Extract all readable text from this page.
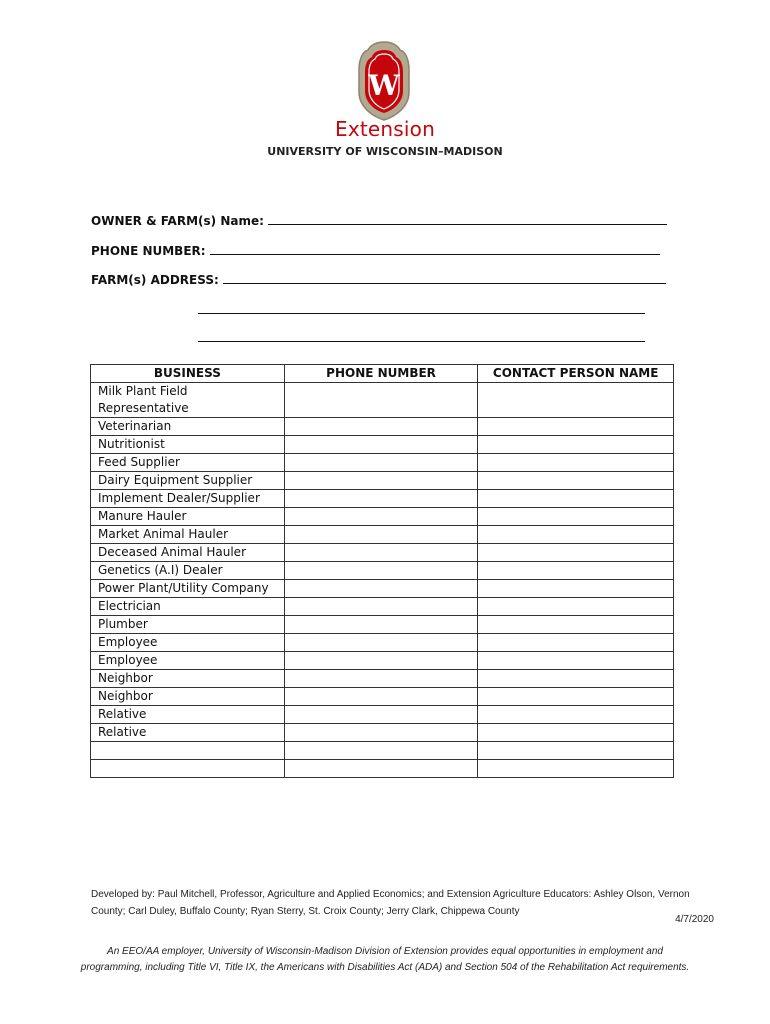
W
Extension
UNIVERSITY OF WISCONSIN–MADISON
OWNER & FARM(s) Name:
PHONE NUMBER:
FARM(s) ADDRESS:
BUSINESS	PHONE NUMBER	CONTACT PERSON NAME
Milk Plant Field Representative		
Veterinarian		
Nutritionist		
Feed Supplier		
Dairy Equipment Supplier		
Implement Dealer/Supplier		
Manure Hauler		
Market Animal Hauler		
Deceased Animal Hauler		
Genetics (A.I) Dealer		
Power Plant/Utility Company		
Electrician		
Plumber		
Employee		
Employee		
Neighbor		
Neighbor		
Relative		
Relative		

Developed by: Paul Mitchell, Professor, Agriculture and Applied Economics; and Extension Agriculture Educators: Ashley Olson, Vernon County; Carl Duley, Buffalo County; Ryan Sterry, St. Croix County; Jerry Clark, Chippewa County
4/7/2020
An EEO/AA employer, University of Wisconsin-Madison Division of Extension provides equal opportunities in employment and
programming, including Title VI, Title IX, the Americans with Disabilities Act (ADA) and Section 504 of the Rehabilitation Act requirements.
